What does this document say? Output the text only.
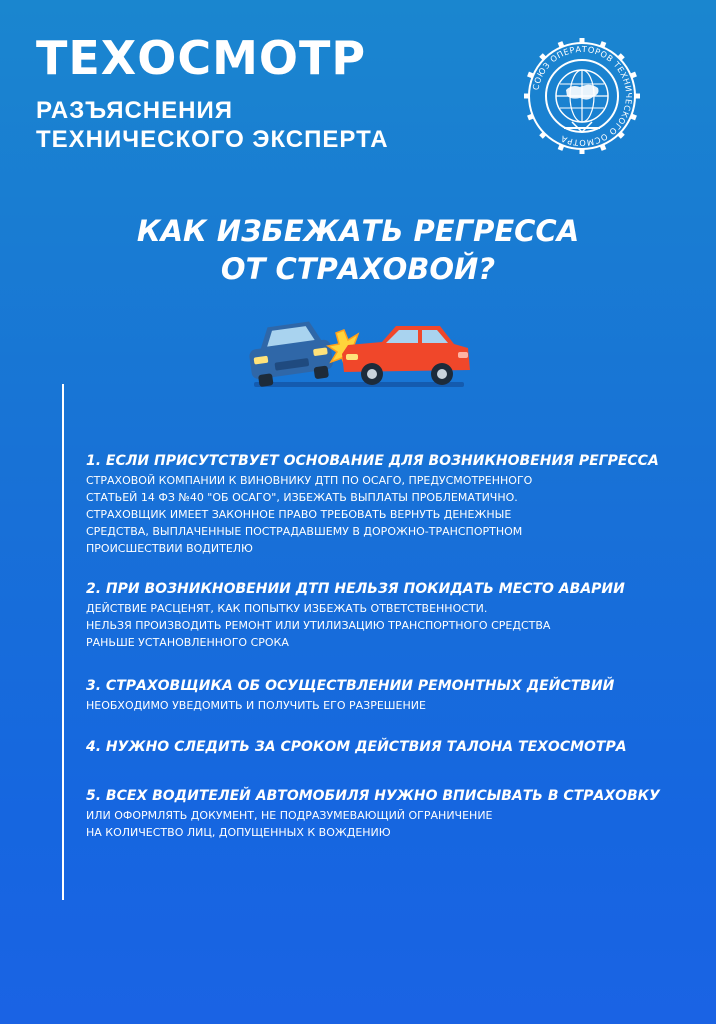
ТЕХОСМОТР
РАЗЪЯСНЕНИЯ
ТЕХНИЧЕСКОГО ЭКСПЕРТА
СОЮЗ ОПЕРАТОРОВ ТЕХНИЧЕСКОГО ОСМОТРА
КАК ИЗБЕЖАТЬ РЕГРЕССА
ОТ СТРАХОВОЙ?
1. ЕСЛИ ПРИСУТСТВУЕТ ОСНОВАНИЕ ДЛЯ ВОЗНИКНОВЕНИЯ РЕГРЕССА
СТРАХОВОЙ КОМПАНИИ К ВИНОВНИКУ ДТП ПО ОСАГО, ПРЕДУСМОТРЕННОГО
СТАТЬЕЙ 14 ФЗ №40 "ОБ ОСАГО", ИЗБЕЖАТЬ ВЫПЛАТЫ ПРОБЛЕМАТИЧНО.
СТРАХОВЩИК ИМЕЕТ ЗАКОННОЕ ПРАВО ТРЕБОВАТЬ ВЕРНУТЬ ДЕНЕЖНЫЕ
СРЕДСТВА, ВЫПЛАЧЕННЫЕ ПОСТРАДАВШЕМУ В ДОРОЖНО-ТРАНСПОРТНОМ
ПРОИСШЕСТВИИ ВОДИТЕЛЮ
2. ПРИ ВОЗНИКНОВЕНИИ ДТП НЕЛЬЗЯ ПОКИДАТЬ МЕСТО АВАРИИ
ДЕЙСТВИЕ РАСЦЕНЯТ, КАК ПОПЫТКУ ИЗБЕЖАТЬ ОТВЕТСТВЕННОСТИ.
НЕЛЬЗЯ ПРОИЗВОДИТЬ РЕМОНТ ИЛИ УТИЛИЗАЦИЮ ТРАНСПОРТНОГО СРЕДСТВА
РАНЬШЕ УСТАНОВЛЕННОГО СРОКА
3. СТРАХОВЩИКА ОБ ОСУЩЕСТВЛЕНИИ РЕМОНТНЫХ ДЕЙСТВИЙ
НЕОБХОДИМО УВЕДОМИТЬ И ПОЛУЧИТЬ ЕГО РАЗРЕШЕНИЕ
4. НУЖНО СЛЕДИТЬ ЗА СРОКОМ ДЕЙСТВИЯ ТАЛОНА ТЕХОСМОТРА
5. ВСЕХ ВОДИТЕЛЕЙ АВТОМОБИЛЯ НУЖНО ВПИСЫВАТЬ В СТРАХОВКУ
ИЛИ ОФОРМЛЯТЬ ДОКУМЕНТ, НЕ ПОДРАЗУМЕВАЮЩИЙ ОГРАНИЧЕНИЕ
НА КОЛИЧЕСТВО ЛИЦ, ДОПУЩЕННЫХ К ВОЖДЕНИЮ
